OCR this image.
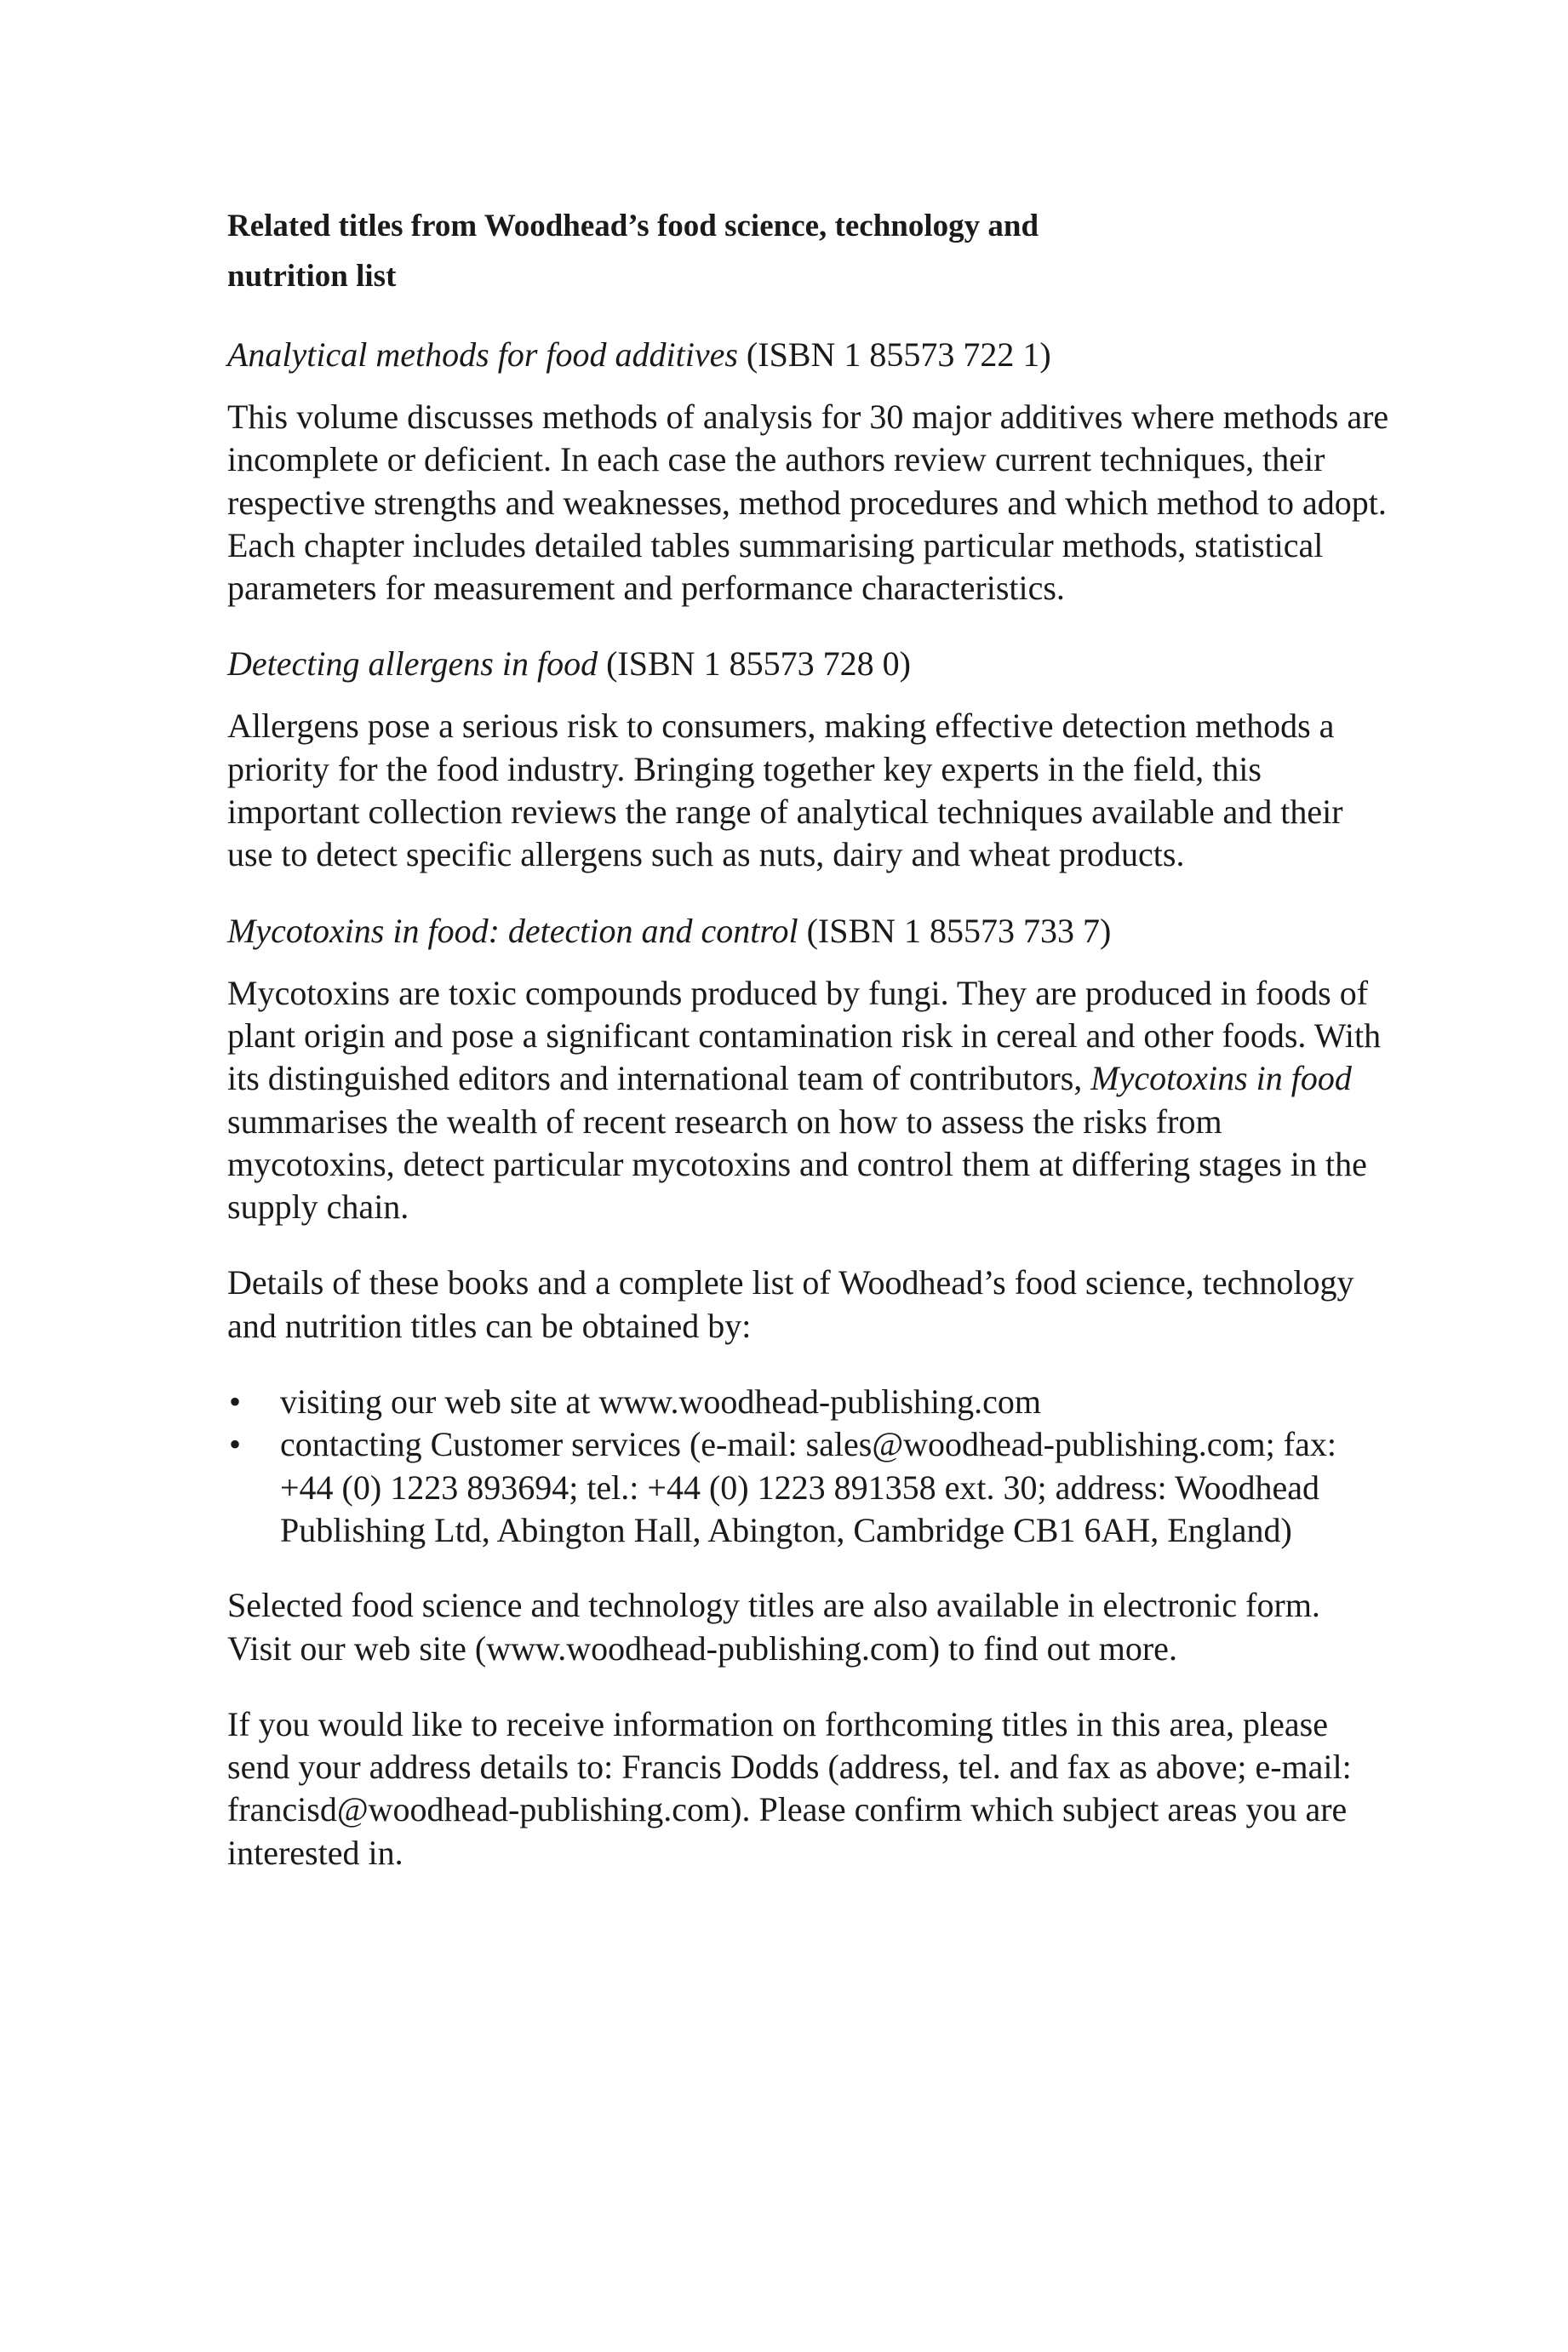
Related titles from Woodhead’s food science, technology and
nutrition list

Analytical methods for food additives (ISBN 1 85573 722 1)

This volume discusses methods of analysis for 30 major additives where methods are incomplete or deficient. In each case the authors review current techniques, their respective strengths and weaknesses, method procedures and which method to adopt. Each chapter includes detailed tables summarising particular methods, statistical parameters for measurement and performance characteristics.

Detecting allergens in food (ISBN 1 85573 728 0)

Allergens pose a serious risk to consumers, making effective detection methods a priority for the food industry. Bringing together key experts in the field, this important collection reviews the range of analytical techniques available and their use to detect specific allergens such as nuts, dairy and wheat products.

Mycotoxins in food: detection and control (ISBN 1 85573 733 7)

Mycotoxins are toxic compounds produced by fungi. They are produced in foods of plant origin and pose a significant contamination risk in cereal and other foods. With its distinguished editors and international team of contributors, Mycotoxins in food summarises the wealth of recent research on how to assess the risks from mycotoxins, detect particular mycotoxins and control them at differing stages in the supply chain.

Details of these books and a complete list of Woodhead’s food science, technology and nutrition titles can be obtained by:

• visiting our web site at www.woodhead-publishing.com
• contacting Customer services (e-mail: sales@woodhead-publishing.com; fax: +44 (0) 1223 893694; tel.: +44 (0) 1223 891358 ext. 30; address: Woodhead Publishing Ltd, Abington Hall, Abington, Cambridge CB1 6AH, England)

Selected food science and technology titles are also available in electronic form. Visit our web site (www.woodhead-publishing.com) to find out more.

If you would like to receive information on forthcoming titles in this area, please send your address details to: Francis Dodds (address, tel. and fax as above; e-mail: francisd@woodhead-publishing.com). Please confirm which subject areas you are interested in.
